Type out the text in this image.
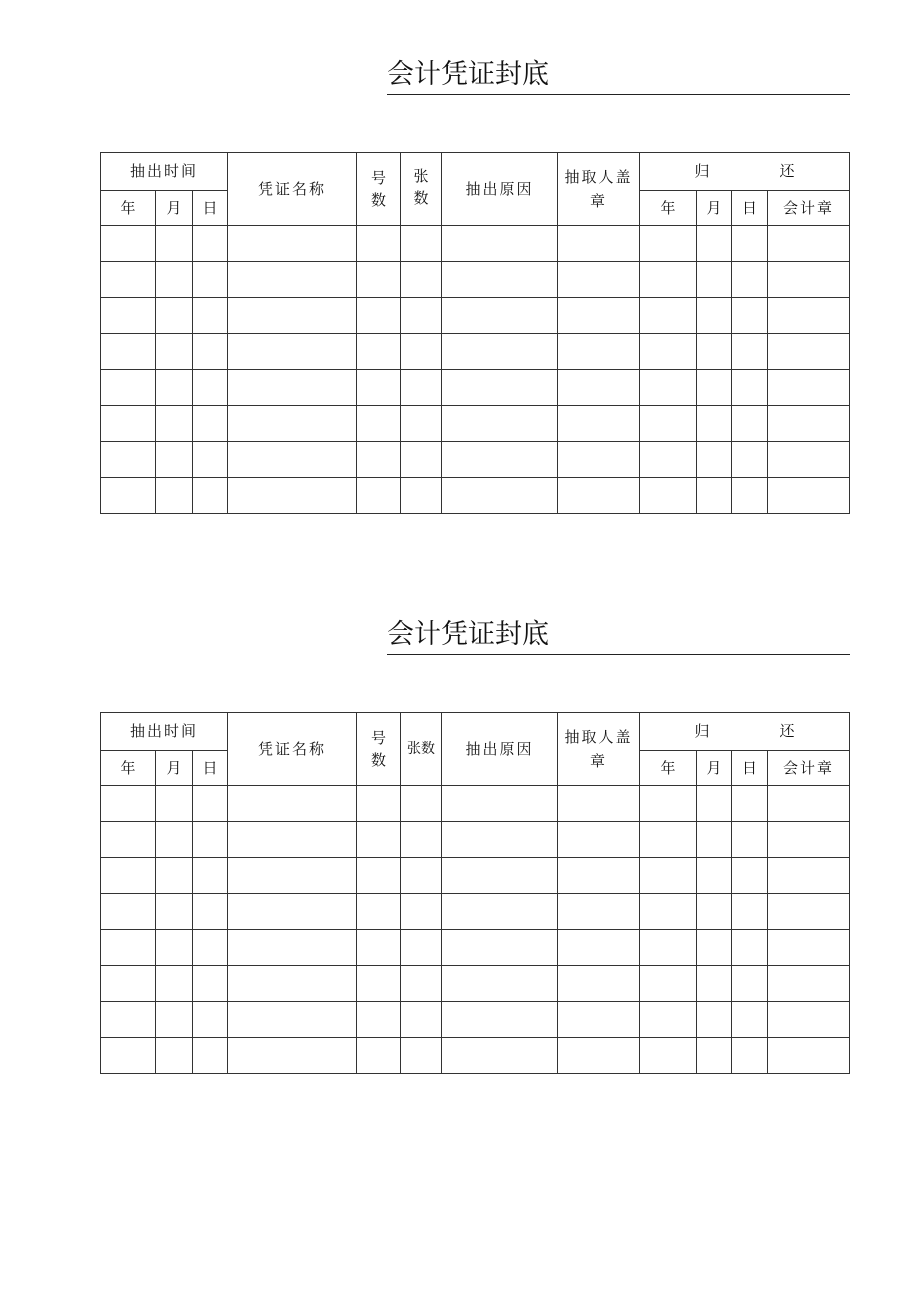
会计凭证封底
抽出时间			凭证名称	号数	张数	抽出原因	抽取人盖章	归 还			
年	月	日						年	月	日	会计章

会计凭证封底
抽出时间			凭证名称	号数	张数	抽出原因	抽取人盖章	归 还			
年	月	日						年	月	日	会计章
